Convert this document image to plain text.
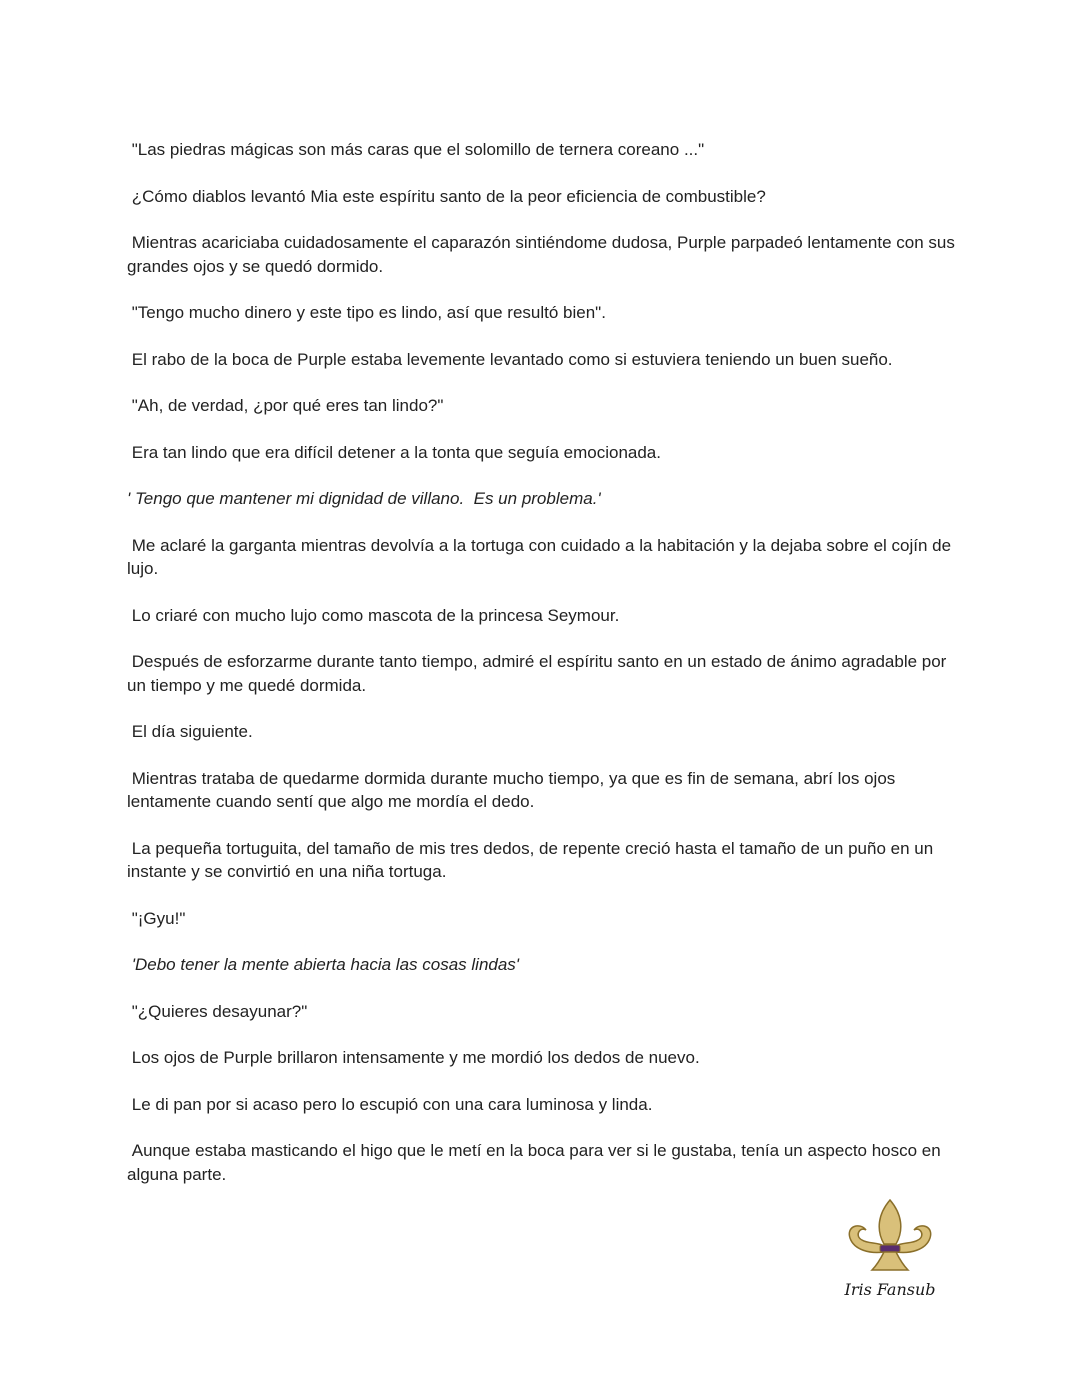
"Las piedras mágicas son más caras que el solomillo de ternera coreano ..."

¿Cómo diablos levantó Mia este espíritu santo de la peor eficiencia de combustible?

Mientras acariciaba cuidadosamente el caparazón sintiéndome dudosa, Purple parpadeó lentamente con sus grandes ojos y se quedó dormido.

"Tengo mucho dinero y este tipo es lindo, así que resultó bien".

El rabo de la boca de Purple estaba levemente levantado como si estuviera teniendo un buen sueño.

"Ah, de verdad, ¿por qué eres tan lindo?"

Era tan lindo que era difícil detener a la tonta que seguía emocionada.

' Tengo que mantener mi dignidad de villano.  Es un problema.'

Me aclaré la garganta mientras devolvía a la tortuga con cuidado a la habitación y la dejaba sobre el cojín de lujo.

Lo criaré con mucho lujo como mascota de la princesa Seymour.

Después de esforzarme durante tanto tiempo, admiré el espíritu santo en un estado de ánimo agradable por un tiempo y me quedé dormida.

El día siguiente.

Mientras trataba de quedarme dormida durante mucho tiempo, ya que es fin de semana, abrí los ojos lentamente cuando sentí que algo me mordía el dedo.

La pequeña tortuguita, del tamaño de mis tres dedos, de repente creció hasta el tamaño de un puño en un instante y se convirtió en una niña tortuga.

"¡Gyu!"

'Debo tener la mente abierta hacia las cosas lindas'

"¿Quieres desayunar?"

Los ojos de Purple brillaron intensamente y me mordió los dedos de nuevo.

Le di pan por si acaso pero lo escupió con una cara luminosa y linda.

Aunque estaba masticando el higo que le metí en la boca para ver si le gustaba, tenía un aspecto hosco en alguna parte.

Iris Fansub
